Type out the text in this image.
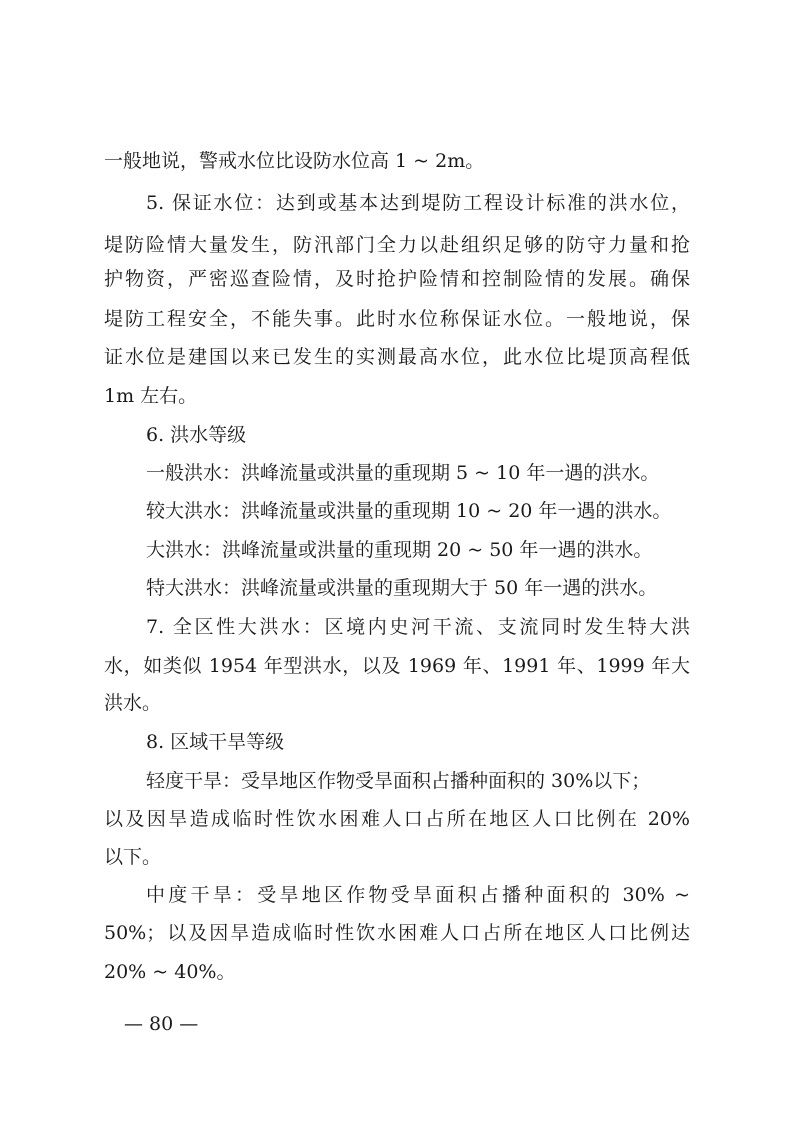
一般地说，警戒水位比设防水位高 1 ~ 2m。
5. 保证水位：达到或基本达到堤防工程设计标准的洪水位，
堤防险情大量发生，防汛部门全力以赴组织足够的防守力量和抢
护物资，严密巡查险情，及时抢护险情和控制险情的发展。确保
堤防工程安全，不能失事。此时水位称保证水位。一般地说，保
证水位是建国以来已发生的实测最高水位，此水位比堤顶高程低
1m 左右。
6. 洪水等级
一般洪水：洪峰流量或洪量的重现期 5 ~ 10 年一遇的洪水。
较大洪水：洪峰流量或洪量的重现期 10 ~ 20 年一遇的洪水。
大洪水：洪峰流量或洪量的重现期 20 ~ 50 年一遇的洪水。
特大洪水：洪峰流量或洪量的重现期大于 50 年一遇的洪水。
7. 全区性大洪水：区境内史河干流、支流同时发生特大洪
水，如类似 1954 年型洪水，以及 1969 年、1991 年、1999 年大
洪水。
8. 区域干旱等级
轻度干旱：受旱地区作物受旱面积占播种面积的 30%以下；
以及因旱造成临时性饮水困难人口占所在地区人口比例在 20%
以下。
中度干旱：受旱地区作物受旱面积占播种面积的 30% ~
50%；以及因旱造成临时性饮水困难人口占所在地区人口比例达
20% ~ 40%。
— 80 —
